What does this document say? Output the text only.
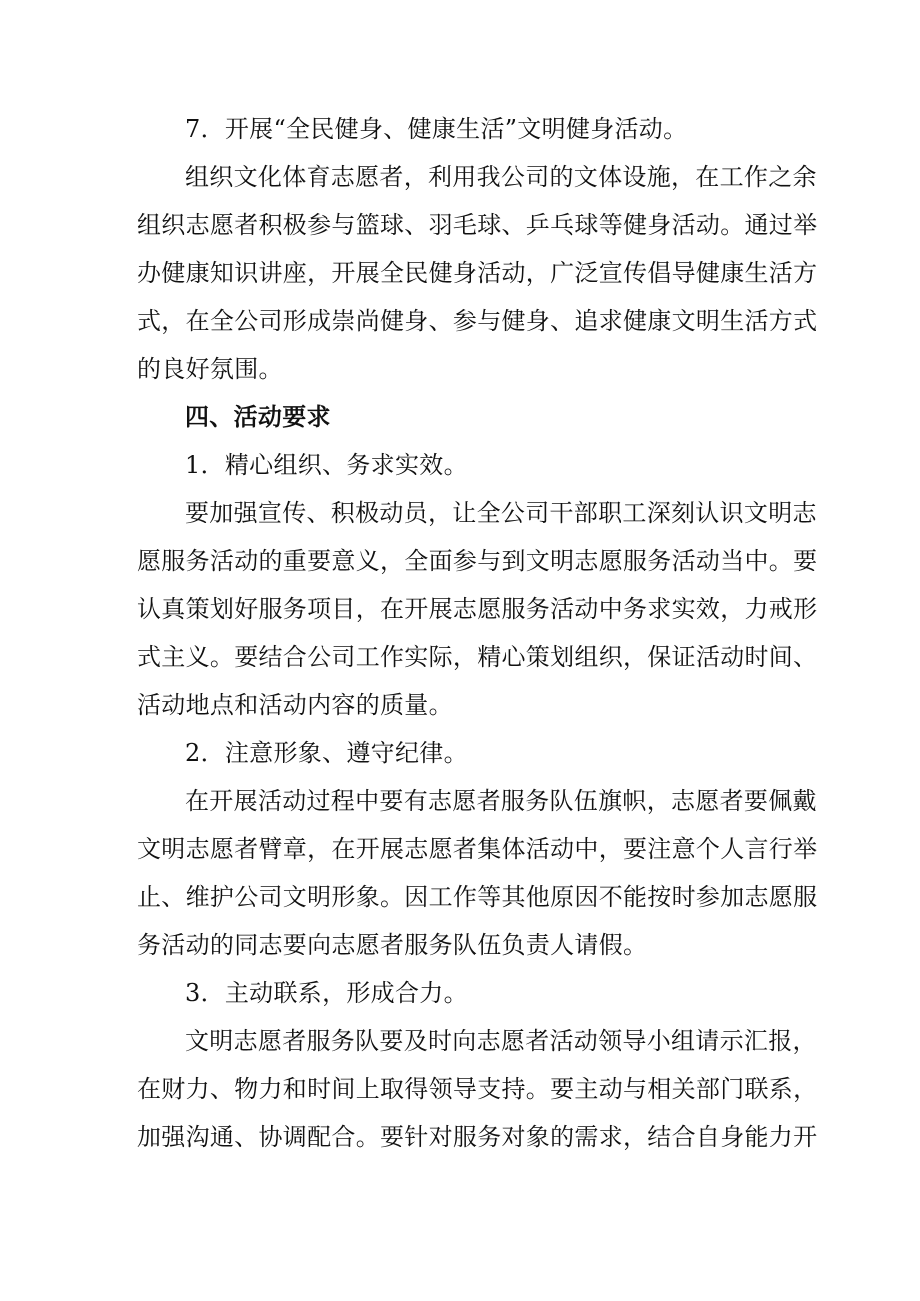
7．开展“全民健身、健康生活”文明健身活动。
组织文化体育志愿者，利用我公司的文体设施，在工作之余
组织志愿者积极参与篮球、羽毛球、乒乓球等健身活动。通过举
办健康知识讲座，开展全民健身活动，广泛宣传倡导健康生活方
式，在全公司形成崇尚健身、参与健身、追求健康文明生活方式
的良好氛围。
四、活动要求
1．精心组织、务求实效。
要加强宣传、积极动员，让全公司干部职工深刻认识文明志
愿服务活动的重要意义，全面参与到文明志愿服务活动当中。要
认真策划好服务项目，在开展志愿服务活动中务求实效，力戒形
式主义。要结合公司工作实际，精心策划组织，保证活动时间、
活动地点和活动内容的质量。
2．注意形象、遵守纪律。
在开展活动过程中要有志愿者服务队伍旗帜，志愿者要佩戴
文明志愿者臂章，在开展志愿者集体活动中，要注意个人言行举
止、维护公司文明形象。因工作等其他原因不能按时参加志愿服
务活动的同志要向志愿者服务队伍负责人请假。
3．主动联系，形成合力。
文明志愿者服务队要及时向志愿者活动领导小组请示汇报，
在财力、物力和时间上取得领导支持。要主动与相关部门联系，
加强沟通、协调配合。要针对服务对象的需求，结合自身能力开
